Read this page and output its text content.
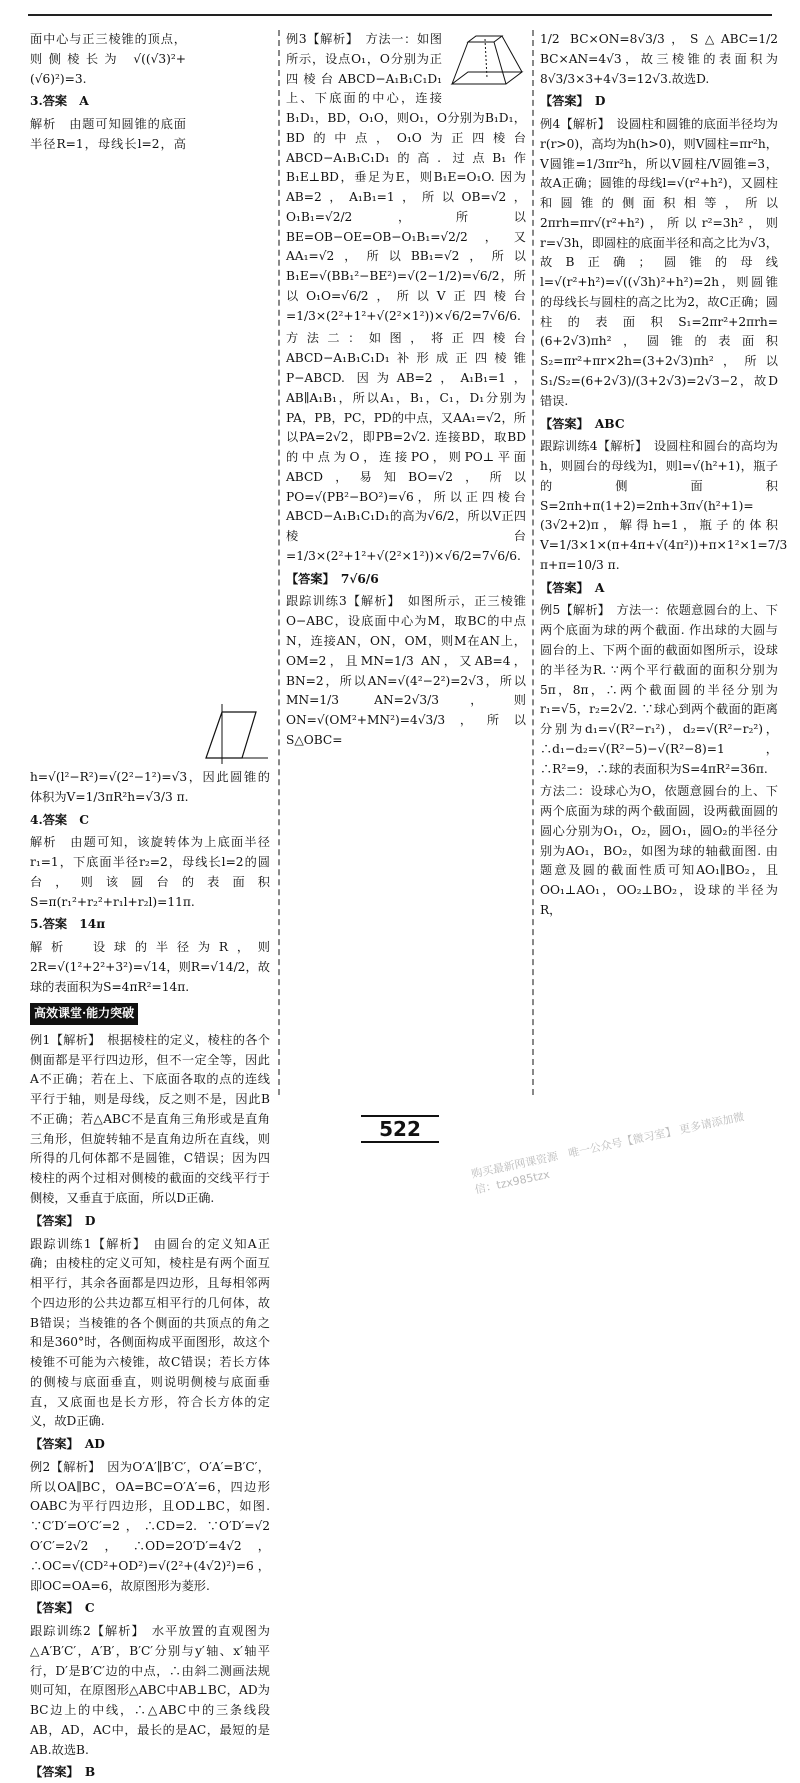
面中心与正三棱锥的顶点，则侧棱长为 √((√3)²+(√6)²)=3.

3.答案　A

解析　由题可知圆锥的底面半径R=1，母线长l=2，高h=√(l²−R²)=√(2²−1²)=√3，因此圆锥的体积为V=1/3πR²h=√3/3 π.

4.答案　C

解析　由题可知，该旋转体为上底面半径r₁=1，下底面半径r₂=2，母线长l=2的圆台，则该圆台的表面积S=π(r₁²+r₂²+r₁l+r₂l)=11π.

5.答案　14π

解析　设球的半径为R，则2R=√(1²+2²+3²)=√14，则R=√14/2，故球的表面积为S=4πR²=14π.

高效课堂·能力突破

例1【解析】　根据棱柱的定义，棱柱的各个侧面都是平行四边形，但不一定全等，因此A不正确；若在上、下底面各取的点的连线平行于轴，则是母线，反之则不是，因此B不正确；若△ABC不是直角三角形或是直角三角形，但旋转轴不是直角边所在直线，则所得的几何体都不是圆锥，C错误；因为四棱柱的两个过相对侧棱的截面的交线平行于侧棱，又垂直于底面，所以D正确.

【答案】　D

跟踪训练1【解析】　由圆台的定义知A正确；由棱柱的定义可知，棱柱是有两个面互相平行，其余各面都是四边形，且每相邻两个四边形的公共边都互相平行的几何体，故B错误；当棱锥的各个侧面的共顶点的角之和是360°时，各侧面构成平面图形，故这个棱锥不可能为六棱锥，故C错误；若长方体的侧棱与底面垂直，则说明侧棱与底面垂直，又底面也是长方形，符合长方体的定义，故D正确.

【答案】　AD

例2【解析】　因为O′A′∥B′C′，O′A′=B′C′，所以OA∥BC，OA=BC=O′A′=6，四边形OABC为平行四边形，且OD⊥BC，如图. ∵C′D′=O′C′=2，∴CD=2. ∵O′D′=√2 O′C′=2√2，∴OD=2O′D′=4√2，∴OC=√(CD²+OD²)=√(2²+(4√2)²)=6，即OC=OA=6，故原图形为菱形.

【答案】　C

跟踪训练2【解析】　水平放置的直观图为△A′B′C′，A′B′，B′C′分别与y′轴、x′轴平行，D′是B′C′边的中点，∴由斜二测画法规则可知，在原图形△ABC中AB⊥BC，AD为BC边上的中线，∴△ABC中的三条线段AB，AD，AC中，最长的是AC，最短的是AB.故选B.

【答案】　B

例3【解析】　方法一：如图所示，设点O₁，O分别为正四棱台ABCD−A₁B₁C₁D₁上、下底面的中心，连接B₁D₁，BD，O₁O，则O₁，O分别为B₁D₁，BD的中点，O₁O为正四棱台ABCD−A₁B₁C₁D₁的高. 过点B₁作B₁E⊥BD，垂足为E，则B₁E=O₁O. 因为AB=2，A₁B₁=1，所以OB=√2，O₁B₁=√2/2，所以BE=OB−OE=OB−O₁B₁=√2/2，又AA₁=√2，所以BB₁=√2，所以B₁E=√(BB₁²−BE²)=√(2−1/2)=√6/2，所以O₁O=√6/2，所以V正四棱台=1/3×(2²+1²+√(2²×1²))×√6/2=7√6/6.

方法二：如图，将正四棱台ABCD−A₁B₁C₁D₁补形成正四棱锥P−ABCD. 因为AB=2，A₁B₁=1，AB∥A₁B₁，所以A₁，B₁，C₁，D₁分别为PA，PB，PC，PD的中点，又AA₁=√2，所以PA=2√2，即PB=2√2. 连接BD，取BD的中点为O，连接PO，则PO⊥平面ABCD，易知BO=√2，所以PO=√(PB²−BO²)=√6，所以正四棱台ABCD−A₁B₁C₁D₁的高为√6/2，所以V正四棱台=1/3×(2²+1²+√(2²×1²))×√6/2=7√6/6.

【答案】　7√6/6

跟踪训练3【解析】　如图所示，正三棱锥O−ABC，设底面中心为M，取BC的中点N，连接AN，ON，OM，则M在AN上，OM=2，且MN=1/3 AN，又AB=4，BN=2，所以AN=√(4²−2²)=2√3，所以MN=1/3 AN=2√3/3，则ON=√(OM²+MN²)=4√3/3，所以S△OBC=

1/2 BC×ON=8√3/3，S△ABC=1/2 BC×AN=4√3，故三棱锥的表面积为8√3/3×3+4√3=12√3.故选D.

【答案】　D

例4【解析】　设圆柱和圆锥的底面半径均为r(r>0)，高均为h(h>0)，则V圆柱=πr²h，V圆锥=1/3πr²h，所以V圆柱/V圆锥=3，故A正确；圆锥的母线l=√(r²+h²)，又圆柱和圆锥的侧面积相等，所以2πrh=πr√(r²+h²)，所以r²=3h²，则r=√3h，即圆柱的底面半径和高之比为√3，故B正确；圆锥的母线l=√(r²+h²)=√((√3h)²+h²)=2h，则圆锥的母线长与圆柱的高之比为2，故C正确；圆柱的表面积S₁=2πr²+2πrh=(6+2√3)πh²，圆锥的表面积S₂=πr²+πr×2h=(3+2√3)πh²，所以S₁/S₂=(6+2√3)/(3+2√3)=2√3−2，故D错误.

【答案】　ABC

跟踪训练4【解析】　设圆柱和圆台的高均为h，则圆台的母线为l，则l=√(h²+1)，瓶子的侧面积S=2πh+π(1+2)=2πh+3π√(h²+1)=(3√2+2)π，解得h=1，瓶子的体积V=1/3×1×(π+4π+√(4π²))+π×1²×1=7/3 π+π=10/3 π.

【答案】　A

例5【解析】　方法一：依题意圆台的上、下两个底面为球的两个截面. 作出球的大圆与圆台的上、下两个面的截面如图所示，设球的半径为R. ∵两个平行截面的面积分别为5π，8π，∴两个截面圆的半径分别为r₁=√5，r₂=2√2. ∵球心到两个截面的距离分别为d₁=√(R²−r₁²)，d₂=√(R²−r₂²)，∴d₁−d₂=√(R²−5)−√(R²−8)=1，∴R²=9，∴球的表面积为S=4πR²=36π.

方法二：设球心为O，依题意圆台的上、下两个底面为球的两个截面圆，设两截面圆的圆心分别为O₁，O₂，圆O₁，圆O₂的半径分别为AO₁，BO₂，如图为球的轴截面图. 由题意及圆的截面性质可知AO₁∥BO₂，且OO₁⊥AO₁，OO₂⊥BO₂，设球的半径为R，

522	购买最新网课资源　唯一公众号【微习室】 更多请添加微信：tzx985tzx
